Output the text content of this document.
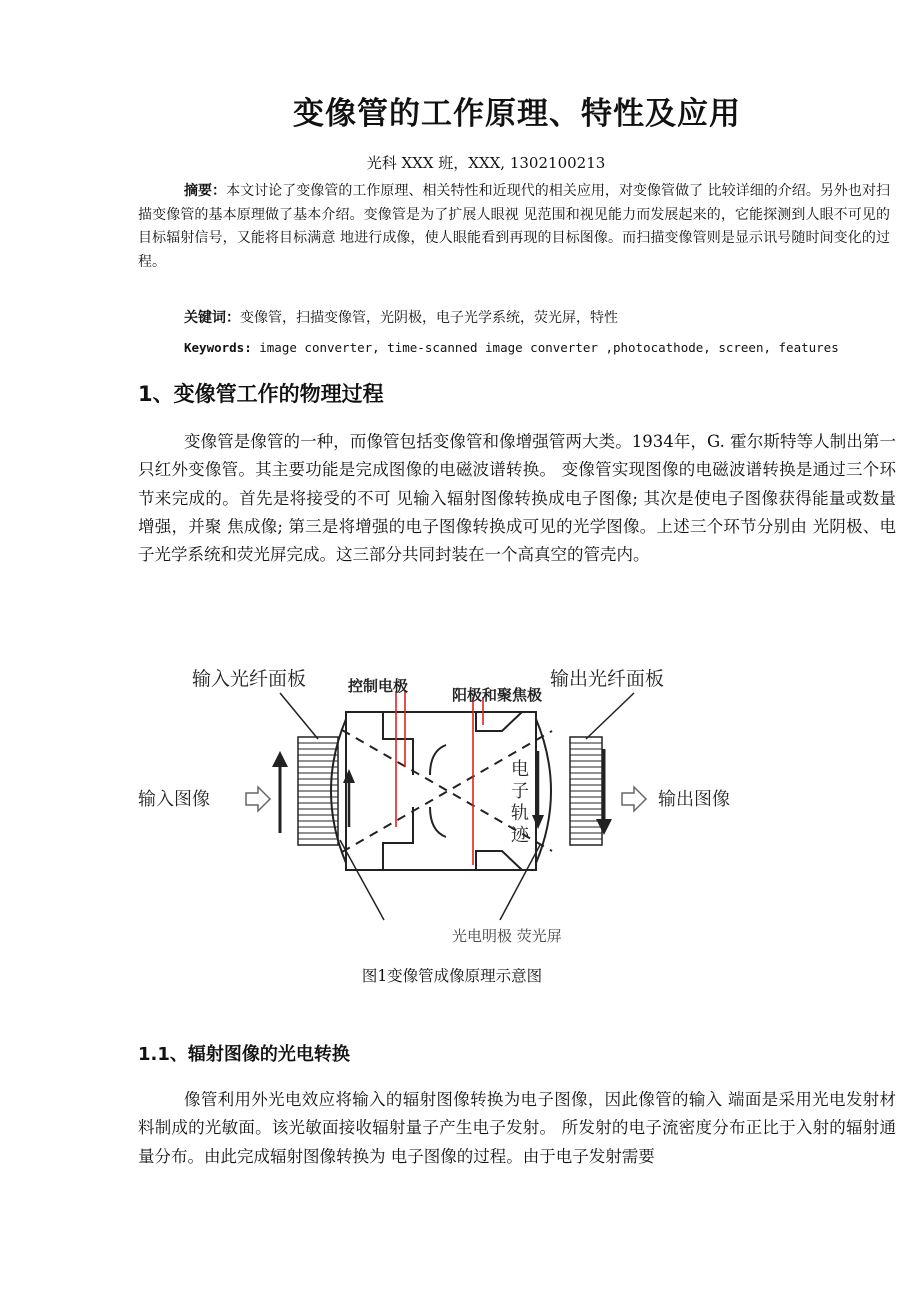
变像管的工作原理、特性及应用
光科 XXX 班，XXX, 1302100213
摘要：本文讨论了变像管的工作原理、相关特性和近现代的相关应用，对变像管做了 比较详细的介绍。另外也对扫描变像管的基本原理做了基本介绍。变像管是为了扩展人眼视 见范围和视见能力而发展起来的，它能探测到人眼不可见的目标辐射信号，又能将目标满意 地进行成像，使人眼能看到再现的目标图像。而扫描变像管则是显示讯号随时间变化的过程。
关键词：变像管，扫描变像管，光阴极，电子光学系统，荧光屏，特性
Keywords: image converter, time-scanned image converter ,photocathode, screen, features
1、变像管工作的物理过程
变像管是像管的一种，而像管包括变像管和像增强管两大类。1934年，G. 霍尔斯特等人制出第一只红外变像管。其主要功能是完成图像的电磁波谱转换。 变像管实现图像的电磁波谱转换是通过三个环节来完成的。首先是将接受的不可 见输入辐射图像转换成电子图像; 其次是使电子图像获得能量或数量增强，并聚 焦成像; 第三是将增强的电子图像转换成可见的光学图像。上述三个环节分别由 光阴极、电子光学系统和荧光屏完成。这三部分共同封装在一个高真空的管壳内。
输入光纤面板	控制电极	阳极和聚焦极
输出光纤面板
输入图像	输出图像
电
子
轨
迹
光电明极 荧光屏
图1变像管成像原理示意图
1.1、辐射图像的光电转换
像管利用外光电效应将输入的辐射图像转换为电子图像，因此像管的输入 端面是采用光电发射材料制成的光敏面。该光敏面接收辐射量子产生电子发射。 所发射的电子流密度分布正比于入射的辐射通量分布。由此完成辐射图像转换为 电子图像的过程。由于电子发射需要
